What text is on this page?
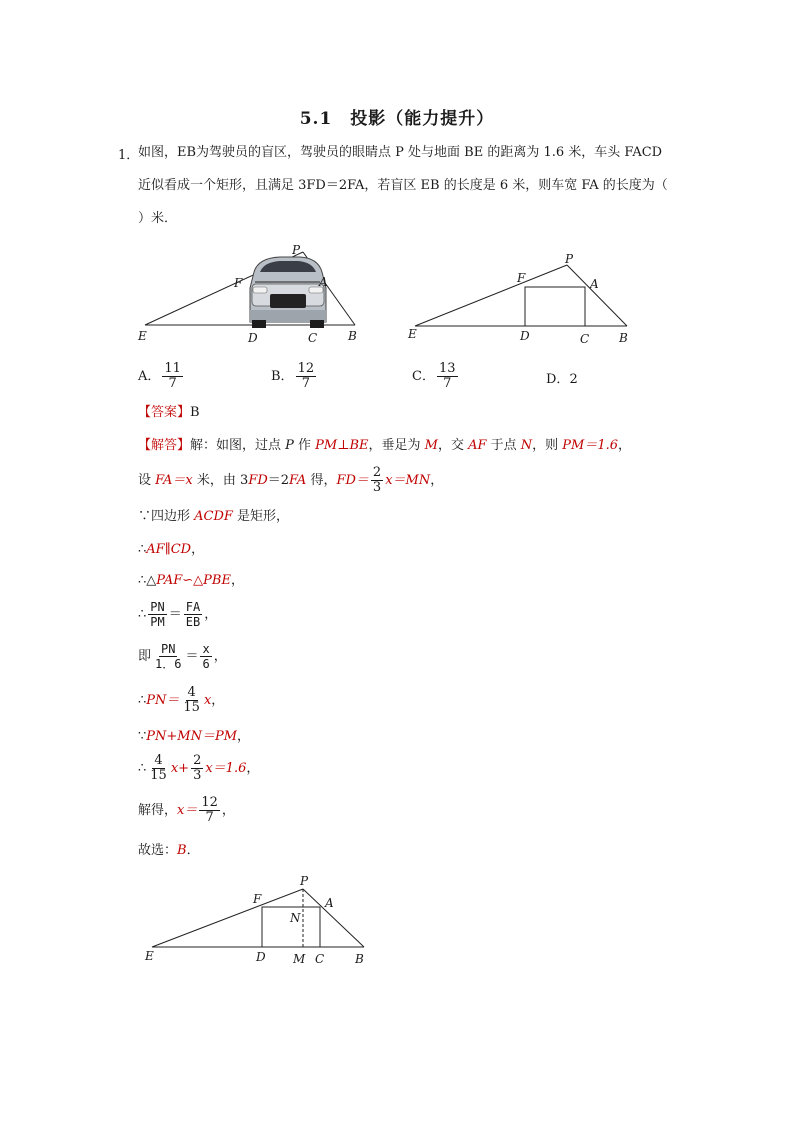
5.1　投影（能力提升）
1．
如图，EB为驾驶员的盲区，驾驶员的眼睛点 P 处与地面 BE 的距离为 1.6 米，车头 FACD
近似看成一个矩形，且满足 3FD＝2FA，若盲区 EB 的长度是 6 米，则车宽 FA 的长度为（
）米．
P
F	A
E	D	C	B
P
F	A
E	D	C B
A． $\frac{11}{7}$	B． $\frac{12}{7}$	C． $\frac{13}{7}$	D．2
【答案】B
【解答】解：如图，过点 P 作 PM⊥BE，垂足为 M，交 AF 于点 N，则 PM＝1.6，
设 FA＝x 米，由 3FD＝2FA 得，$FD= \frac{2}{3} x=MN$，
∵四边形 ACDF 是矩形，
∴AF∥CD，
∴△PAF∽△PBE，
∴ $\frac{PN}{PM} = \frac{FA}{EB}$ ，
即 $\frac{PN}{1.6} = \frac{x}{6}$ ，
∴PN＝ $\frac{4}{15}$ x，
∵PN+MN＝PM，
∴ $\frac{4}{15} x+ \frac{2}{3} x=1.6$，
解得，$x= \frac{12}{7}$ ，
故选：B．
P
F	A
N
E	D M C	B
